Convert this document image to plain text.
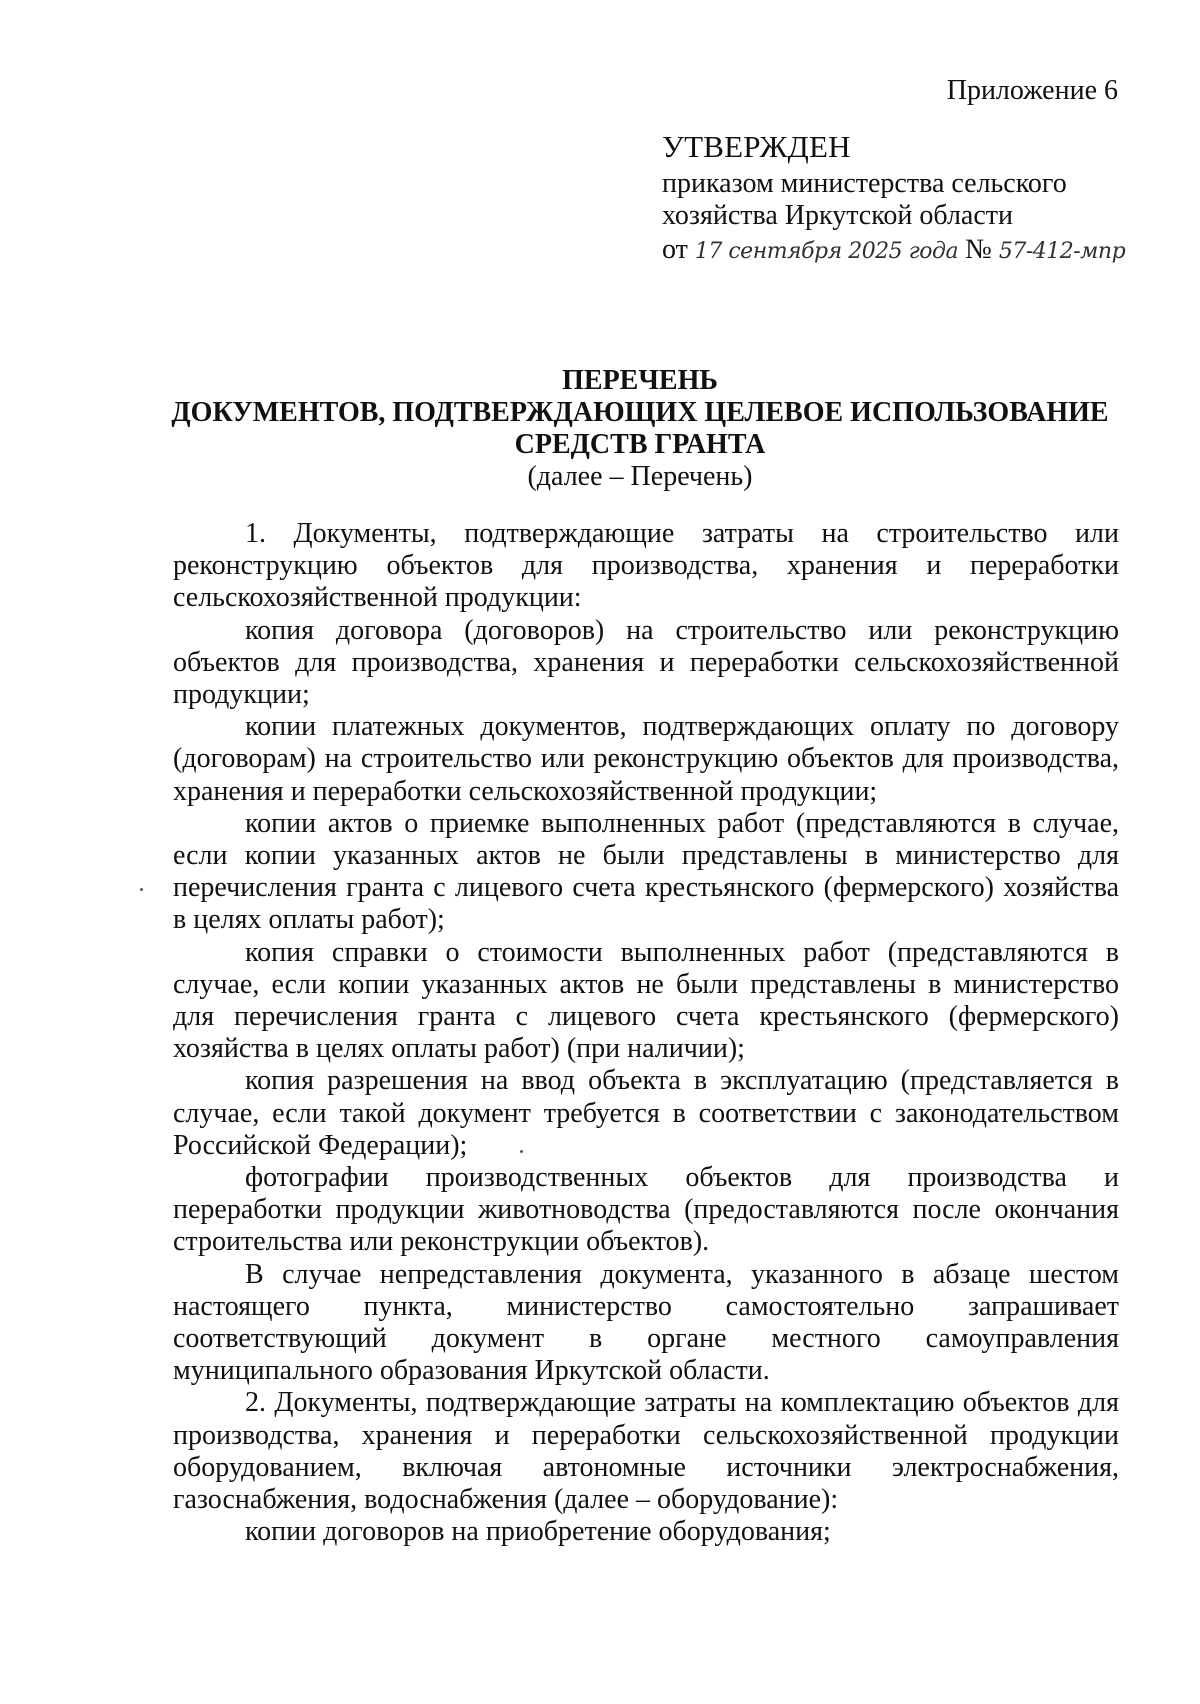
Приложение 6
УТВЕРЖДЕН
приказом министерства сельского
хозяйства Иркутской области
от 17 сентября 2025 года № 57-412-мпр
ПЕРЕЧЕНЬ
ДОКУМЕНТОВ, ПОДТВЕРЖДАЮЩИХ ЦЕЛЕВОЕ ИСПОЛЬЗОВАНИЕ
СРЕДСТВ ГРАНТА
(далее – Перечень)

1. Документы, подтверждающие затраты на строительство или реконструкцию объектов для производства, хранения и переработки сельскохозяйственной продукции:

копия договора (договоров) на строительство или реконструкцию объектов для производства, хранения и переработки сельскохозяйственной продукции;

копии платежных документов, подтверждающих оплату по договору (договорам) на строительство или реконструкцию объектов для производства, хранения и переработки сельскохозяйственной продукции;

копии актов о приемке выполненных работ (представляются в случае, если копии указанных актов не были представлены в министерство для перечисления гранта с лицевого счета крестьянского (фермерского) хозяйства в целях оплаты работ);

копия справки о стоимости выполненных работ (представляются в случае, если копии указанных актов не были представлены в министерство для перечисления гранта с лицевого счета крестьянского (фермерского) хозяйства в целях оплаты работ) (при наличии);

копия разрешения на ввод объекта в эксплуатацию (представляется в случае, если такой документ требуется в соответствии с законодательством Российской Федерации);

фотографии производственных объектов для производства и переработки продукции животноводства (предоставляются после окончания строительства или реконструкции объектов).

В случае непредставления документа, указанного в абзаце шестом настоящего пункта, министерство самостоятельно запрашивает соответствующий документ в органе местного самоуправления муниципального образования Иркутской области.

2. Документы, подтверждающие затраты на комплектацию объектов для производства, хранения и переработки сельскохозяйственной продукции оборудованием, включая автономные источники электроснабжения, газоснабжения, водоснабжения (далее – оборудование):

копии договоров на приобретение оборудования;
